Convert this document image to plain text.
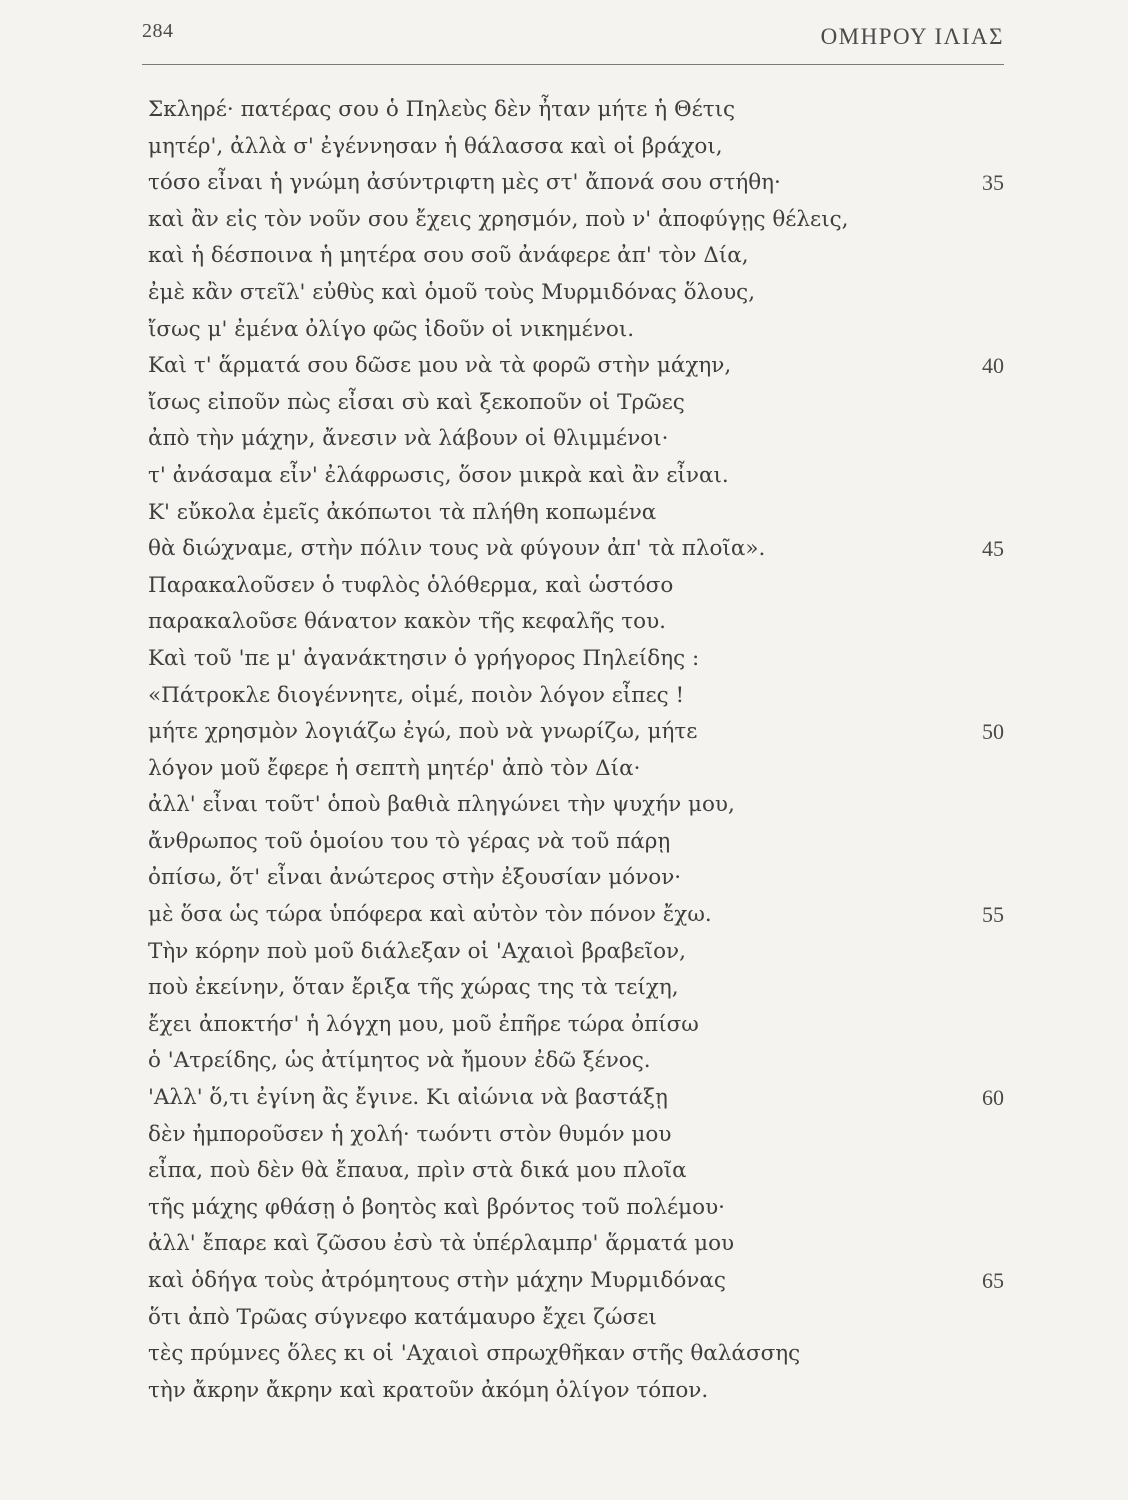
284	ΟΜΗΡΟΥ ΙΛΙΑΣ
Σκληρέ· πατέρας σου ὁ Πηλεὺς δὲν ἦταν μήτε ἡ Θέτις
μητέρ', ἀλλὰ σ' ἐγέννησαν ἡ θάλασσα καὶ οἱ βράχοι,
τόσο εἶναι ἡ γνώμη ἀσύντριφτη μὲς στ' ἄπονά σου στήθη·	35
καὶ ἂν εἰς τὸν νοῦν σου ἔχεις χρησμόν, ποὺ ν' ἀποφύγῃς θέλεις,
καὶ ἡ δέσποινα ἡ μητέρα σου σοῦ ἀνάφερε ἀπ' τὸν Δία,
ἐμὲ κἂν στεῖλ' εὐθὺς καὶ ὁμοῦ τοὺς Μυρμιδόνας ὅλους,
ἴσως μ' ἐμένα ὀλίγο φῶς ἰδοῦν οἱ νικημένοι.
Καὶ τ' ἅρματά σου δῶσε μου νὰ τὰ φορῶ στὴν μάχην,	40
ἴσως εἰποῦν πὼς εἶσαι σὺ καὶ ξεκοποῦν οἱ Τρῶες
ἀπὸ τὴν μάχην, ἄνεσιν νὰ λάβουν οἱ θλιμμένοι·
τ' ἀνάσαμα εἶν' ἐλάφρωσις, ὅσον μικρὰ καὶ ἂν εἶναι.
Κ' εὔκολα ἐμεῖς ἀκόπωτοι τὰ πλήθη κοπωμένα
θὰ διώχναμε, στὴν πόλιν τους νὰ φύγουν ἀπ' τὰ πλοῖα».	45
Παρακαλοῦσεν ὁ τυφλὸς ὁλόθερμα, καὶ ὡστόσο
παρακαλοῦσε θάνατον κακὸν τῆς κεφαλῆς του.
Καὶ τοῦ 'πε μ' ἀγανάκτησιν ὁ γρήγορος Πηλείδης :
«Πάτροκλε διογέννητε, οἱμέ, ποιὸν λόγον εἶπες !
μήτε χρησμὸν λογιάζω ἐγώ, ποὺ νὰ γνωρίζω, μήτε	50
λόγον μοῦ ἔφερε ἡ σεπτὴ μητέρ' ἀπὸ τὸν Δία·
ἀλλ' εἶναι τοῦτ' ὁποὺ βαθιὰ πληγώνει τὴν ψυχήν μου,
ἄνθρωπος τοῦ ὁμοίου του τὸ γέρας νὰ τοῦ πάρῃ
ὀπίσω, ὅτ' εἶναι ἀνώτερος στὴν ἐξουσίαν μόνον·
μὲ ὅσα ὡς τώρα ὑπόφερα καὶ αὐτὸν τὸν πόνον ἔχω.	55
Τὴν κόρην ποὺ μοῦ διάλεξαν οἱ 'Αχαιοὶ βραβεῖον,
ποὺ ἐκείνην, ὅταν ἔριξα τῆς χώρας της τὰ τείχη,
ἔχει ἀποκτήσ' ἡ λόγχη μου, μοῦ ἐπῆρε τώρα ὀπίσω
ὁ 'Ατρείδης, ὡς ἀτίμητος νὰ ἤμουν ἐδῶ ξένος.
'Αλλ' ὅ,τι ἐγίνη ἂς ἔγινε. Κι αἰώνια νὰ βαστάξῃ	60
δὲν ἠμποροῦσεν ἡ χολή· τωόντι στὸν θυμόν μου
εἶπα, ποὺ δὲν θὰ ἔπαυα, πρὶν στὰ δικά μου πλοῖα
τῆς μάχης φθάσῃ ὁ βοητὸς καὶ βρόντος τοῦ πολέμου·
ἀλλ' ἔπαρε καὶ ζῶσου ἐσὺ τὰ ὑπέρλαμπρ' ἅρματά μου
καὶ ὁδήγα τοὺς ἀτρόμητους στὴν μάχην Μυρμιδόνας	65
ὅτι ἀπὸ Τρῶας σύγνεφο κατάμαυρο ἔχει ζώσει
τὲς πρύμνες ὅλες κι οἱ 'Αχαιοὶ σπρωχθῆκαν στῆς θαλάσσης
τὴν ἄκρην ἄκρην καὶ κρατοῦν ἀκόμη ὀλίγον τόπον.
